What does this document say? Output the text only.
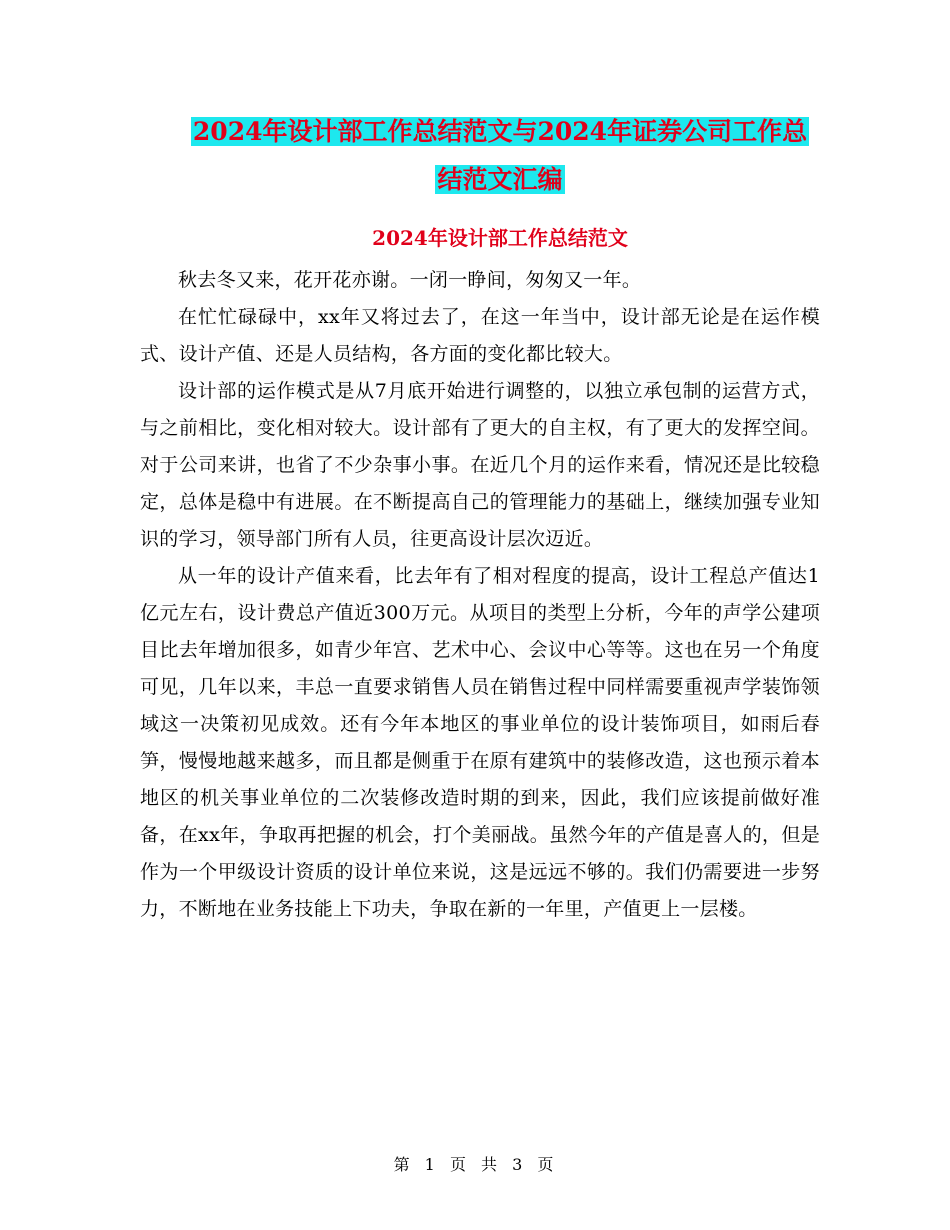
2024年设计部工作总结范文与2024年证券公司工作总
结范文汇编
2024年设计部工作总结范文

秋去冬又来，花开花亦谢。一闭一睁间，匆匆又一年。

在忙忙碌碌中，xx年又将过去了，在这一年当中，设计部无论是在运作模式、设计产值、还是人员结构，各方面的变化都比较大。

设计部的运作模式是从7月底开始进行调整的，以独立承包制的运营方式，与之前相比，变化相对较大。设计部有了更大的自主权，有了更大的发挥空间。对于公司来讲，也省了不少杂事小事。在近几个月的运作来看，情况还是比较稳定，总体是稳中有进展。在不断提高自己的管理能力的基础上，继续加强专业知识的学习，领导部门所有人员，往更高设计层次迈近。

从一年的设计产值来看，比去年有了相对程度的提高，设计工程总产值达1亿元左右，设计费总产值近300万元。从项目的类型上分析，今年的声学公建项目比去年增加很多，如青少年宫、艺术中心、会议中心等等。这也在另一个角度可见，几年以来，丰总一直要求销售人员在销售过程中同样需要重视声学装饰领域这一决策初见成效。还有今年本地区的事业单位的设计装饰项目，如雨后春笋，慢慢地越来越多，而且都是侧重于在原有建筑中的装修改造，这也预示着本地区的机关事业单位的二次装修改造时期的到来，因此，我们应该提前做好准备，在xx年，争取再把握的机会，打个美丽战。虽然今年的产值是喜人的，但是作为一个甲级设计资质的设计单位来说，这是远远不够的。我们仍需要进一步努力，不断地在业务技能上下功夫，争取在新的一年里，产值更上一层楼。

第 1 页 共 3 页
